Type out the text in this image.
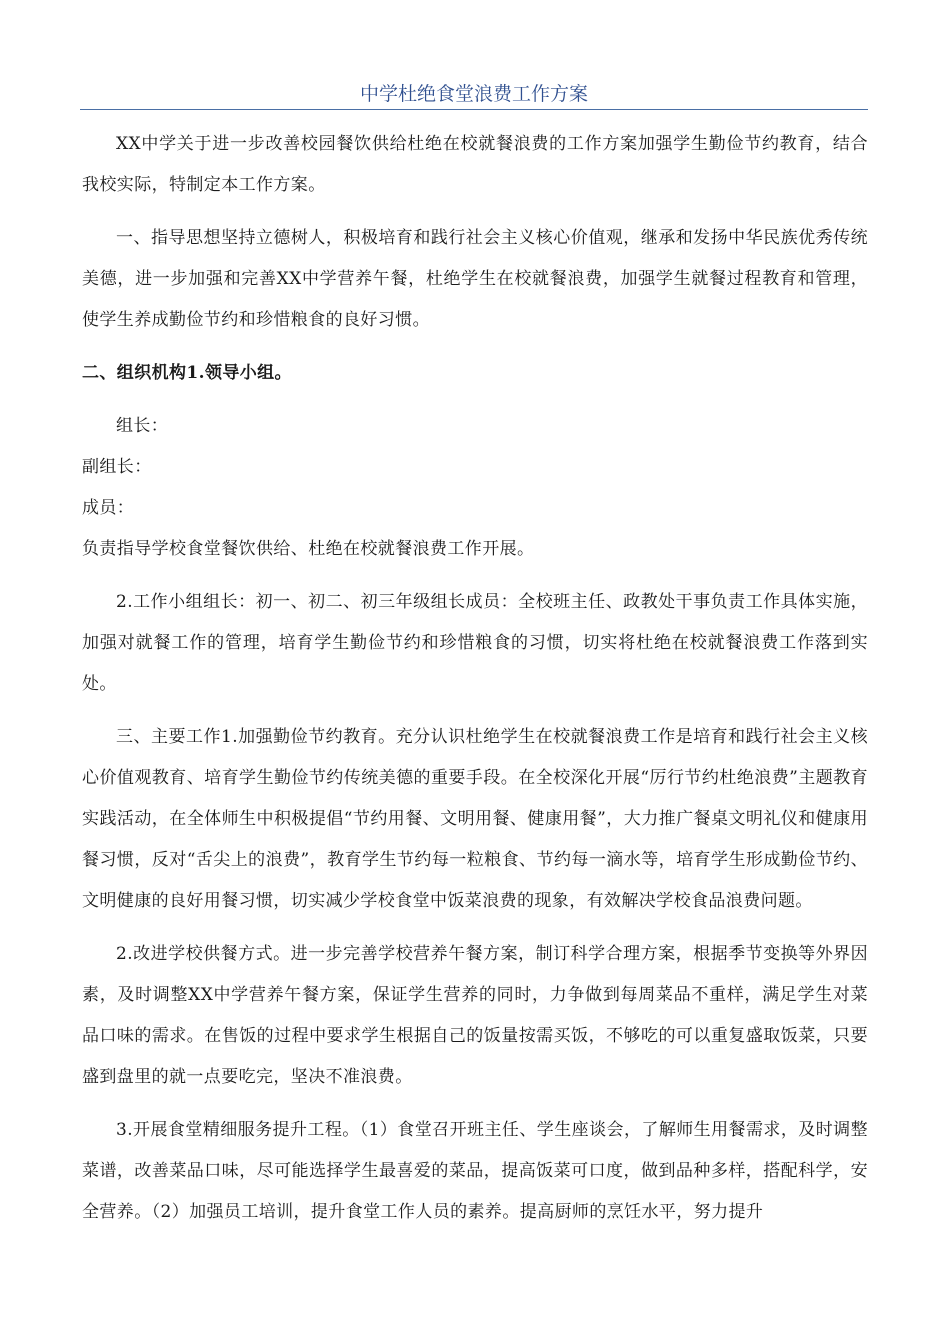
中学杜绝食堂浪费工作方案

XX中学关于进一步改善校园餐饮供给杜绝在校就餐浪费的工作方案加强学生勤俭节约教育，结合我校实际，特制定本工作方案。

一、指导思想坚持立德树人，积极培育和践行社会主义核心价值观，继承和发扬中华民族优秀传统美德，进一步加强和完善XX中学营养午餐，杜绝学生在校就餐浪费，加强学生就餐过程教育和管理，使学生养成勤俭节约和珍惜粮食的良好习惯。

二、组织机构1.领导小组。

组长：

副组长：

成员：

负责指导学校食堂餐饮供给、杜绝在校就餐浪费工作开展。

2.工作小组组长：初一、初二、初三年级组长成员：全校班主任、政教处干事负责工作具体实施，加强对就餐工作的管理，培育学生勤俭节约和珍惜粮食的习惯，切实将杜绝在校就餐浪费工作落到实处。

三、主要工作1.加强勤俭节约教育。充分认识杜绝学生在校就餐浪费工作是培育和践行社会主义核心价值观教育、培育学生勤俭节约传统美德的重要手段。在全校深化开展“厉行节约杜绝浪费”主题教育实践活动，在全体师生中积极提倡“节约用餐、文明用餐、健康用餐”，大力推广餐桌文明礼仪和健康用餐习惯，反对“舌尖上的浪费”，教育学生节约每一粒粮食、节约每一滴水等，培育学生形成勤俭节约、文明健康的良好用餐习惯，切实减少学校食堂中饭菜浪费的现象，有效解决学校食品浪费问题。

2.改进学校供餐方式。进一步完善学校营养午餐方案，制订科学合理方案，根据季节变换等外界因素，及时调整XX中学营养午餐方案，保证学生营养的同时，力争做到每周菜品不重样，满足学生对菜品口味的需求。在售饭的过程中要求学生根据自己的饭量按需买饭，不够吃的可以重复盛取饭菜，只要盛到盘里的就一点要吃完，坚决不准浪费。

3.开展食堂精细服务提升工程。（1）食堂召开班主任、学生座谈会，了解师生用餐需求，及时调整菜谱，改善菜品口味，尽可能选择学生最喜爱的菜品，提高饭菜可口度，做到品种多样，搭配科学，安全营养。（2）加强员工培训，提升食堂工作人员的素养。提高厨师的烹饪水平，努力提升
